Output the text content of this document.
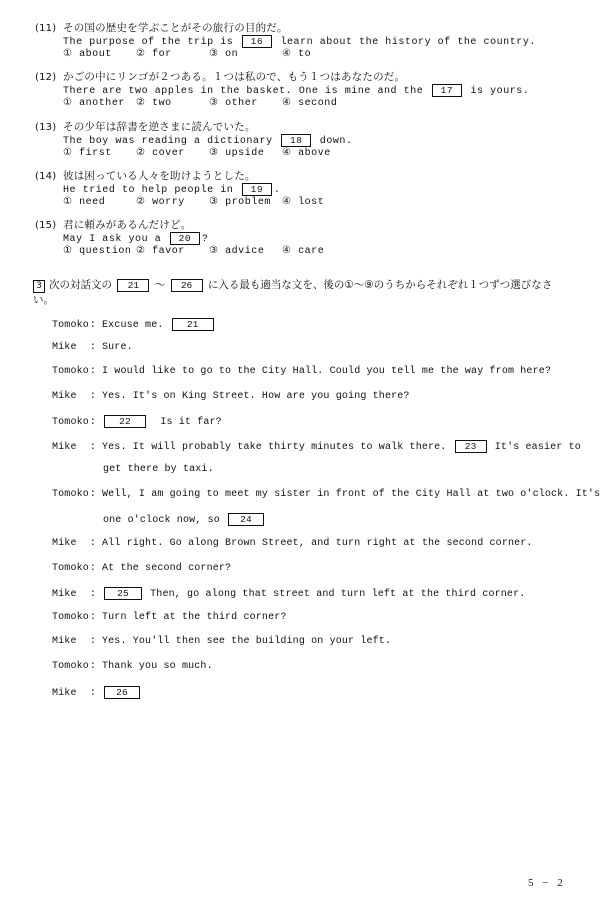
(11) その国の歴史を学ぶことがその旅行の目的だ。
The purpose of the trip is 16 learn about the history of the country.
① about ② for	③ on	④ to
(12) かごの中にリンゴが２つある。１つは私ので、もう１つはあなたのだ。
There are two apples in the basket. One is mine and the 17 is yours.
① another ② two	③ other ④ second
(13) その少年は辞書を逆さまに読んでいた。
The boy was reading a dictionary 18 down.
① first ② cover ③ upside ④ above
(14) 彼は困っている人々を助けようとした。
He tried to help people in 19 .
① need	② worry ③ problem ④ lost
(15) 君に頼みがあるんだけど。
May I ask you a 20 ?
① question ② favor ③ advice ④ care
3 次の対話文の 21 〜 26 に入る最も適当な文を、後の①〜⑨のうちからそれぞれ１つずつ選びなさ
い。
Tomoko: Excuse me. 21
Mike : Sure.
Tomoko: I would like to go to the City Hall. Could you tell me the way from here?
Mike : Yes. It's on King Street. How are you going there?
Tomoko: 22	Is it far?
Mike : Yes. It will probably take thirty minutes to walk there. 23 It's easier to
get there by taxi.
Tomoko: Well, I am going to meet my sister in front of the City Hall at two o'clock. It's
one o'clock now, so 24
Mike : All right. Go along Brown Street, and turn right at the second corner.
Tomoko: At the second corner?
Mike : 25 Then, go along that street and turn left at the third corner.
Tomoko: Turn left at the third corner?
Mike : Yes. You'll then see the building on your left.
Tomoko: Thank you so much.
Mike : 26
5 − 2
